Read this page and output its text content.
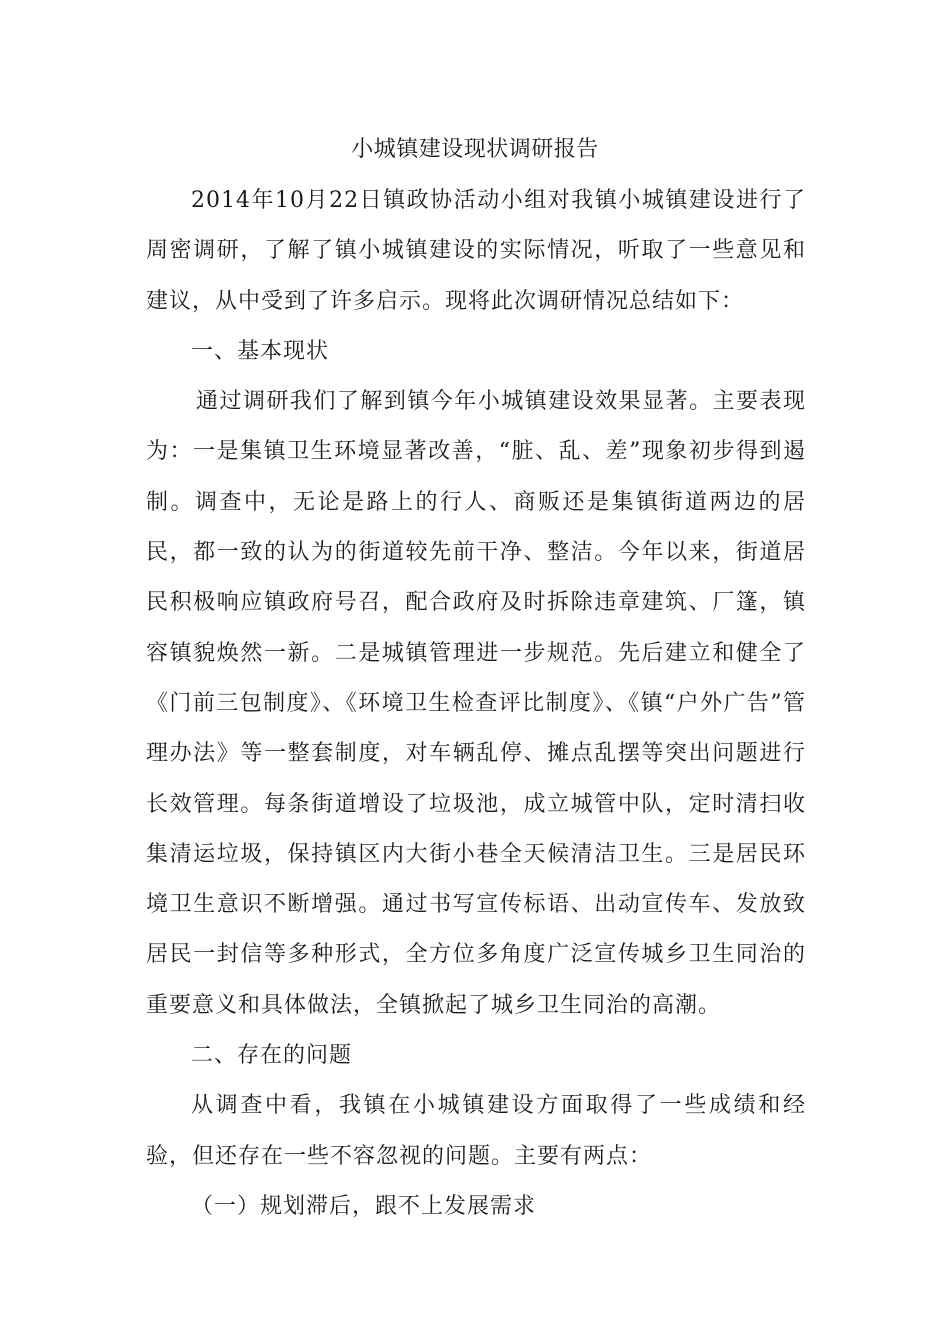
小城镇建设现状调研报告

2014年10月22日镇政协活动小组对我镇小城镇建设进行了周密调研，了解了镇小城镇建设的实际情况，听取了一些意见和建议，从中受到了许多启示。现将此次调研情况总结如下：

一、基本现状

通过调研我们了解到镇今年小城镇建设效果显著。主要表现为：一是集镇卫生环境显著改善，“脏、乱、差”现象初步得到遏制。调查中，无论是路上的行人、商贩还是集镇街道两边的居民，都一致的认为的街道较先前干净、整洁。今年以来，街道居民积极响应镇政府号召，配合政府及时拆除违章建筑、厂篷，镇容镇貌焕然一新。二是城镇管理进一步规范。先后建立和健全了《门前三包制度》、《环境卫生检查评比制度》、《镇“户外广告”管理办法》等一整套制度，对车辆乱停、摊点乱摆等突出问题进行长效管理。每条街道增设了垃圾池，成立城管中队，定时清扫收集清运垃圾，保持镇区内大街小巷全天候清洁卫生。三是居民环境卫生意识不断增强。通过书写宣传标语、出动宣传车、发放致居民一封信等多种形式，全方位多角度广泛宣传城乡卫生同治的重要意义和具体做法，全镇掀起了城乡卫生同治的高潮。

二、存在的问题

从调查中看，我镇在小城镇建设方面取得了一些成绩和经验，但还存在一些不容忽视的问题。主要有两点：

（一）规划滞后，跟不上发展需求
